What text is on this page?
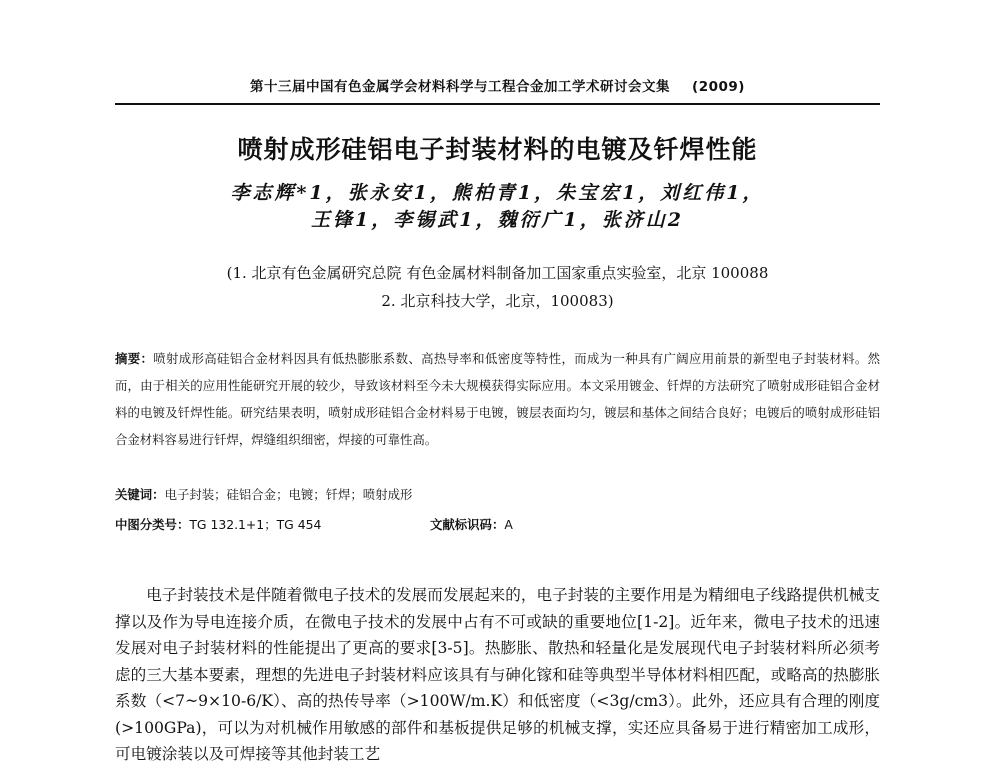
第十三届中国有色金属学会材料科学与工程合金加工学术研讨会文集 (2009)
喷射成形硅铝电子封装材料的电镀及钎焊性能
李志辉*1，张永安1，熊柏青1，朱宝宏1，刘红伟1，
王锋1，李锡武1，魏衍广1，张济山2
(1. 北京有色金属研究总院 有色金属材料制备加工国家重点实验室，北京 100088
2. 北京科技大学，北京，100083)
摘要：喷射成形高硅铝合金材料因具有低热膨胀系数、高热导率和低密度等特性，而成为一种具有广阔应用前景的新型电子封装材料。然而，由于相关的应用性能研究开展的较少，导致该材料至今未大规模获得实际应用。本文采用镀金、钎焊的方法研究了喷射成形硅铝合金材料的电镀及钎焊性能。研究结果表明，喷射成形硅铝合金材料易于电镀，镀层表面均匀，镀层和基体之间结合良好；电镀后的喷射成形硅铝合金材料容易进行钎焊，焊缝组织细密，焊接的可靠性高。
关键词：电子封装；硅铝合金；电镀；钎焊；喷射成形
中图分类号：TG 132.1+1；TG 454	文献标识码：A
电子封装技术是伴随着微电子技术的发展而发展起来的，电子封装的主要作用是为精细电子线路提供机械支撑以及作为导电连接介质，在微电子技术的发展中占有不可或缺的重要地位[1-2]。近年来，微电子技术的迅速发展对电子封装材料的性能提出了更高的要求[3-5]。热膨胀、散热和轻量化是发展现代电子封装材料所必须考虑的三大基本要素，理想的先进电子封装材料应该具有与砷化镓和硅等典型半导体材料相匹配，或略高的热膨胀系数（<7~9×10-6/K）、高的热传导率（>100W/m.K）和低密度（<3g/cm3）。此外，还应具有合理的刚度(>100GPa)，可以为对机械作用敏感的部件和基板提供足够的机械支撑，实还应具备易于进行精密加工成形，可电镀涂装以及可焊接等其他封装工艺
